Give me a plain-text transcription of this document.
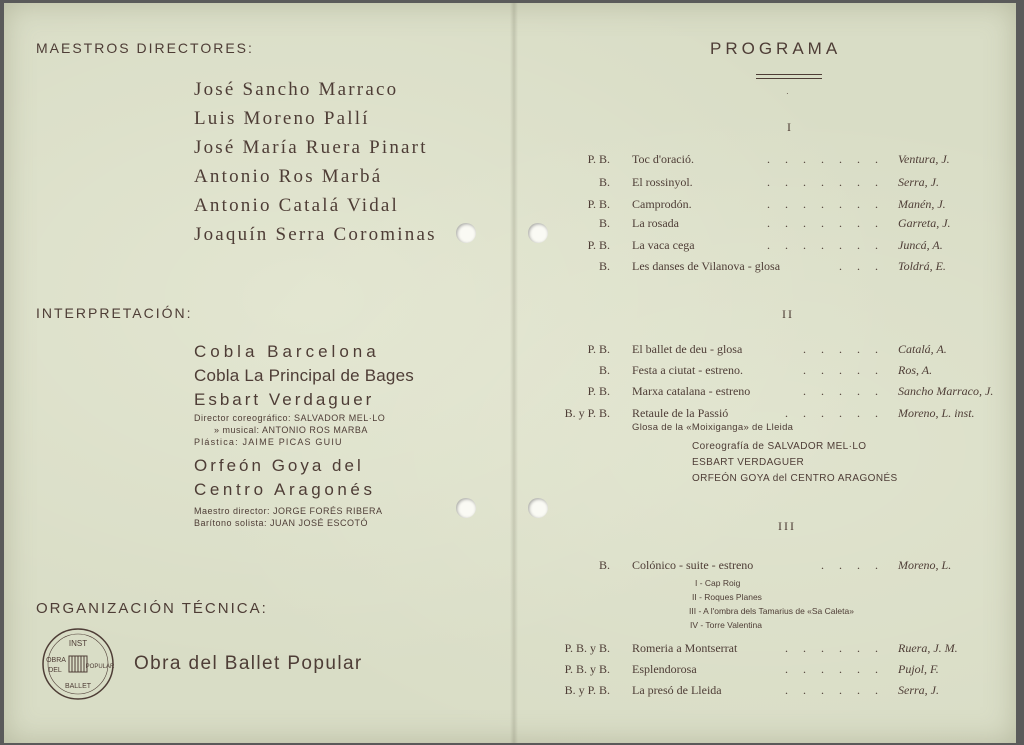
MAESTROS DIRECTORES:
José Sancho Marraco
Luis Moreno Pallí
José María Ruera Pinart
Antonio Ros Marbá
Antonio Catalá Vidal
Joaquín Serra Corominas
INTERPRETACIÓN:
Cobla Barcelona
Cobla La Principal de Bages
Esbart Verdaguer
Director coreográfico: SALVADOR MEL·LO
» musical: ANTONIO ROS MARBA
Plástica: JAIME PICAS GUIU
Orfeón Goya del
Centro Aragonés
Maestro director: JORGE FORÉS RIBERA
Barítono solista: JUAN JOSÉ ESCOTÓ
ORGANIZACIÓN TÉCNICA:
INST
OBRA
DEL	POPULAR
BALLET
Obra del Ballet Popular
PROGRAMA
·
I
P. B. Toc d'oració.	. . . . . . . Ventura, J.
B. El rossinyol.	. . . . . . . Serra, J.
P. B. Camprodón.	. . . . . . . Manén, J.
B. La rosada	. . . . . . . Garreta, J.
P. B. La vaca cega	. . . . . . . Juncá, A.
B. Les danses de Vilanova - glosa	. . . Toldrá, E.
II
P. B. El ballet de deu - glosa	. . . . . Catalá, A.
B. Festa a ciutat - estreno.	. . . . . Ros, A.
P. B. Marxa catalana - estreno	. . . . . Sancho Marraco, J.
B. y P. B. Retaule de la Passió	. . . . . . Moreno, L. inst.
Glosa de la «Moixiganga» de Lleida
Coreografía de SALVADOR MEL·LO
ESBART VERDAGUER
ORFEÓN GOYA del CENTRO ARAGONÉS
III
B. Colónico - suite - estreno	. . . . Moreno, L.
I - Cap Roig
II - Roques Planes
III - A l'ombra dels Tamarius de «Sa Caleta»
IV - Torre Valentina
P. B. y B. Romeria a Montserrat	. . . . . . Ruera, J. M.
P. B. y B. Esplendorosa	. . . . . . Pujol, F.
B. y P. B. La presó de Lleida	. . . . . . Serra, J.
